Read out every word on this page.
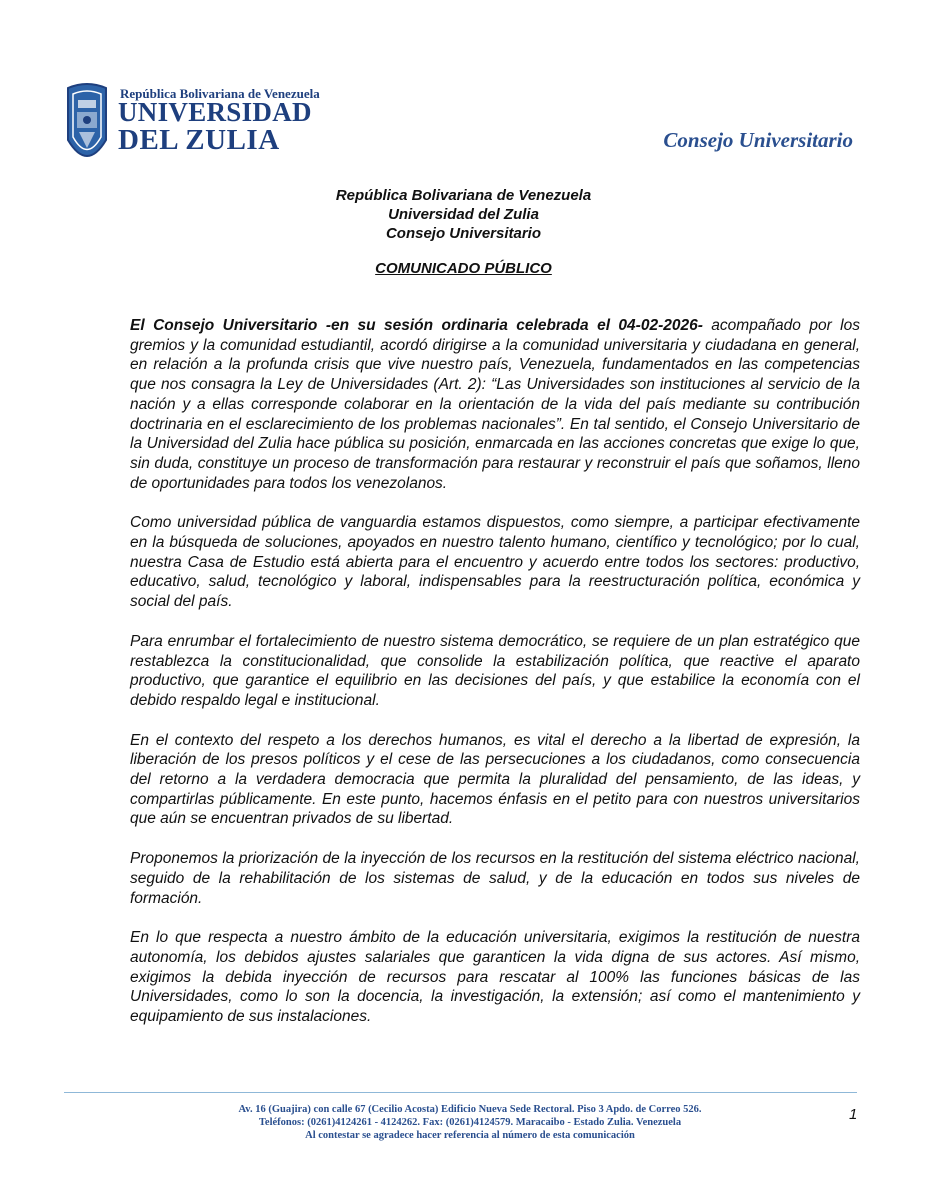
República Bolivariana de Venezuela
UNIVERSIDAD
DEL ZULIA	Consejo Universitario
República Bolivariana de Venezuela
Universidad del Zulia
Consejo Universitario
COMUNICADO PÚBLICO

El Consejo Universitario -en su sesión ordinaria celebrada el 04-02-2026- acompañado por los gremios y la comunidad estudiantil, acordó dirigirse a la comunidad universitaria y ciudadana en general, en relación a la profunda crisis que vive nuestro país, Venezuela, fundamentados en las competencias que nos consagra la Ley de Universidades (Art. 2): “Las Universidades son instituciones al servicio de la nación y a ellas corresponde colaborar en la orientación de la vida del país mediante su contribución doctrinaria en el esclarecimiento de los problemas nacionales”. En tal sentido, el Consejo Universitario de la Universidad del Zulia hace pública su posición, enmarcada en las acciones concretas que exige lo que, sin duda, constituye un proceso de transformación para restaurar y reconstruir el país que soñamos, lleno de oportunidades para todos los venezolanos.

Como universidad pública de vanguardia estamos dispuestos, como siempre, a participar efectivamente en la búsqueda de soluciones, apoyados en nuestro talento humano, científico y tecnológico; por lo cual, nuestra Casa de Estudio está abierta para el encuentro y acuerdo entre todos los sectores: productivo, educativo, salud, tecnológico y laboral, indispensables para la reestructuración política, económica y social del país.

Para enrumbar el fortalecimiento de nuestro sistema democrático, se requiere de un plan estratégico que restablezca la constitucionalidad, que consolide la estabilización política, que reactive el aparato productivo, que garantice el equilibrio en las decisiones del país, y que estabilice la economía con el debido respaldo legal e institucional.

En el contexto del respeto a los derechos humanos, es vital el derecho a la libertad de expresión, la liberación de los presos políticos y el cese de las persecuciones a los ciudadanos, como consecuencia del retorno a la verdadera democracia que permita la pluralidad del pensamiento, de las ideas, y compartirlas públicamente. En este punto, hacemos énfasis en el petito para con nuestros universitarios que aún se encuentran privados de su libertad.

Proponemos la priorización de la inyección de los recursos en la restitución del sistema eléctrico nacional, seguido de la rehabilitación de los sistemas de salud, y de la educación en todos sus niveles de formación.

En lo que respecta a nuestro ámbito de la educación universitaria, exigimos la restitución de nuestra autonomía, los debidos ajustes salariales que garanticen la vida digna de sus actores. Así mismo, exigimos la debida inyección de recursos para rescatar al 100% las funciones básicas de las Universidades, como lo son la docencia, la investigación, la extensión; así como el mantenimiento y equipamiento de sus instalaciones.

Av. 16 (Guajira) con calle 67 (Cecilio Acosta) Edificio Nueva Sede Rectoral. Piso 3 Apdo. de Correo 526.
Teléfonos: (0261)4124261 - 4124262. Fax: (0261)4124579. Maracaibo - Estado Zulia. Venezuela
Al contestar se agradece hacer referencia al número de esta comunicación
1
